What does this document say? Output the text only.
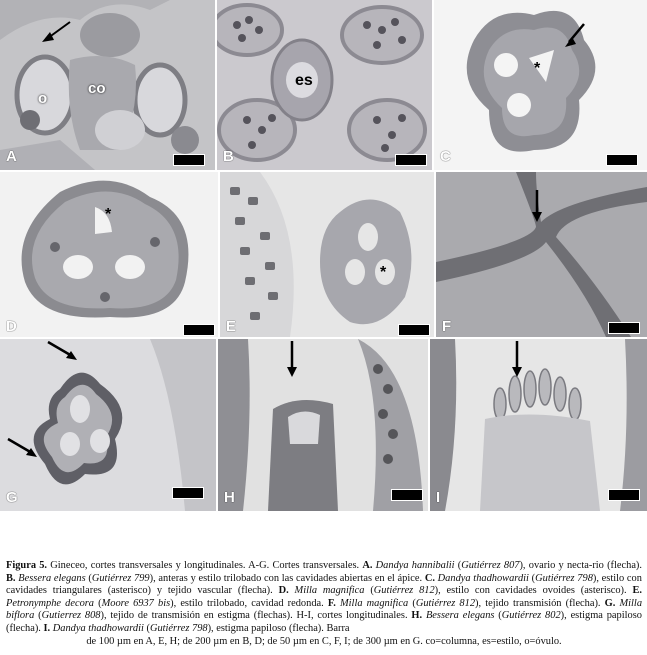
o
co
A
es
B
*
C
*
D
*
E	F
G	H	I
Figura 5. Gineceo, cortes transversales y longitudinales. A-G. Cortes transversales. A. Dandya hannibalii (Gutiérrez 807), ovario y necta-rio (flecha). B. Bessera elegans (Gutiérrez 799), anteras y estilo trilobado con las cavidades abiertas en el ápice. C. Dandya thadhowardii (Gutiérrez 798), estilo con cavidades triangulares (asterisco) y tejido vascular (flecha). D. Milla magnifica (Gutiérrez 812), estilo con cavidades ovoides (asterisco). E. Petronymphe decora (Moore 6937 bis), estilo trilobado, cavidad redonda. F. Milla magnifica (Gutiérrez 812), tejido transmisión (flecha). G. Milla biflora (Gutierrez 808), tejido de transmisión en estigma (flechas). H-I, cortes longitudinales. H. Bessera elegans (Gutiérrez 802), estigma papiloso (flecha). I. Dandya thadhowardii (Gutiérrez 798), estigma papiloso (flecha). Barra
de 100 µm en A, E, H; de 200 µm en B, D; de 50 µm en C, F, I; de 300 µm en G. co=columna, es=estilo, o=óvulo.
